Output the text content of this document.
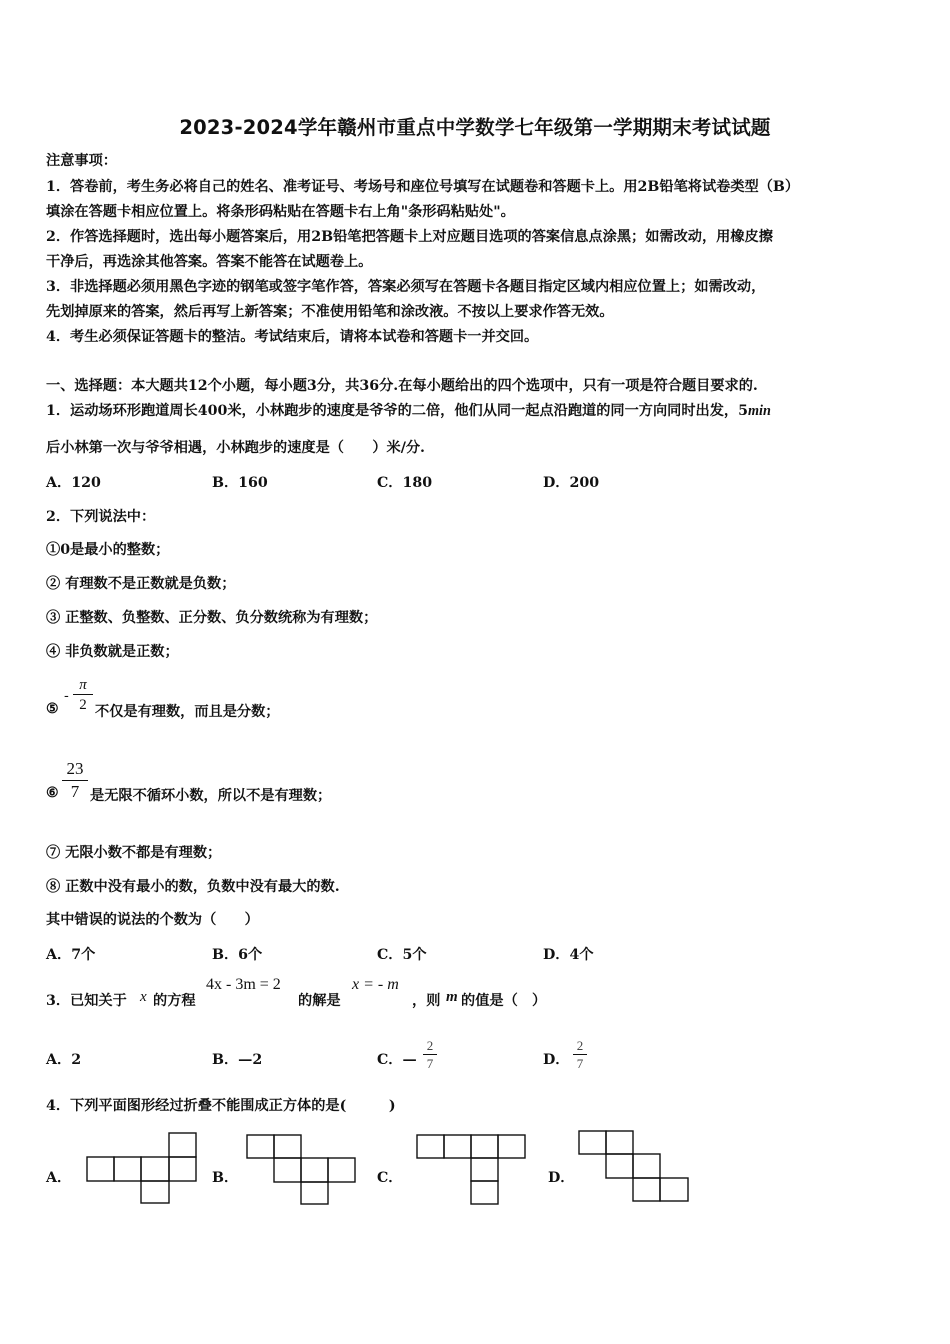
2023-2024学年赣州市重点中学数学七年级第一学期期末考试试题
注意事项：
1．答卷前，考生务必将自己的姓名、准考证号、考场号和座位号填写在试题卷和答题卡上。用2B铅笔将试卷类型（B）
填涂在答题卡相应位置上。将条形码粘贴在答题卡右上角"条形码粘贴处"。
2．作答选择题时，选出每小题答案后，用2B铅笔把答题卡上对应题目选项的答案信息点涂黑；如需改动，用橡皮擦
干净后，再选涂其他答案。答案不能答在试题卷上。
3．非选择题必须用黑色字迹的钢笔或签字笔作答，答案必须写在答题卡各题目指定区域内相应位置上；如需改动，
先划掉原来的答案，然后再写上新答案；不准使用铅笔和涂改液。不按以上要求作答无效。
4．考生必须保证答题卡的整洁。考试结束后，请将本试卷和答题卡一并交回。
一、选择题：本大题共12个小题，每小题3分，共36分.在每小题给出的四个选项中，只有一项是符合题目要求的.
1．运动场环形跑道周长400米，小林跑步的速度是爷爷的二倍，他们从同一起点沿跑道的同一方向同时出发，5min
后小林第一次与爷爷相遇，小林跑步的速度是（　　）米/分.
A．120	B．160	C．180	D．200
2．下列说法中：
①0是最小的整数；
② 有理数不是正数就是负数；
③ 正整数、负整数、正分数、负分数统称为有理数；
④ 非负数就是正数；
⑤
-
π
2 不仅是有理数，而且是分数；
⑥
23
7 是无限不循环小数，所以不是有理数；
⑦ 无限小数不都是有理数；
⑧ 正数中没有最小的数，负数中没有最大的数.
其中错误的说法的个数为（　　）
A．7个	B．6个	C．5个	D．4个
3．已知关于 x 的方程
4x - 3m = 2
的解是
x = - m
，则 m 的值是（　）
A．2	B．—2	C．—
2
7	D．
2
7
4．下列平面图形经过折叠不能围成正方体的是(　　　)
A．	B．	C．	D．
